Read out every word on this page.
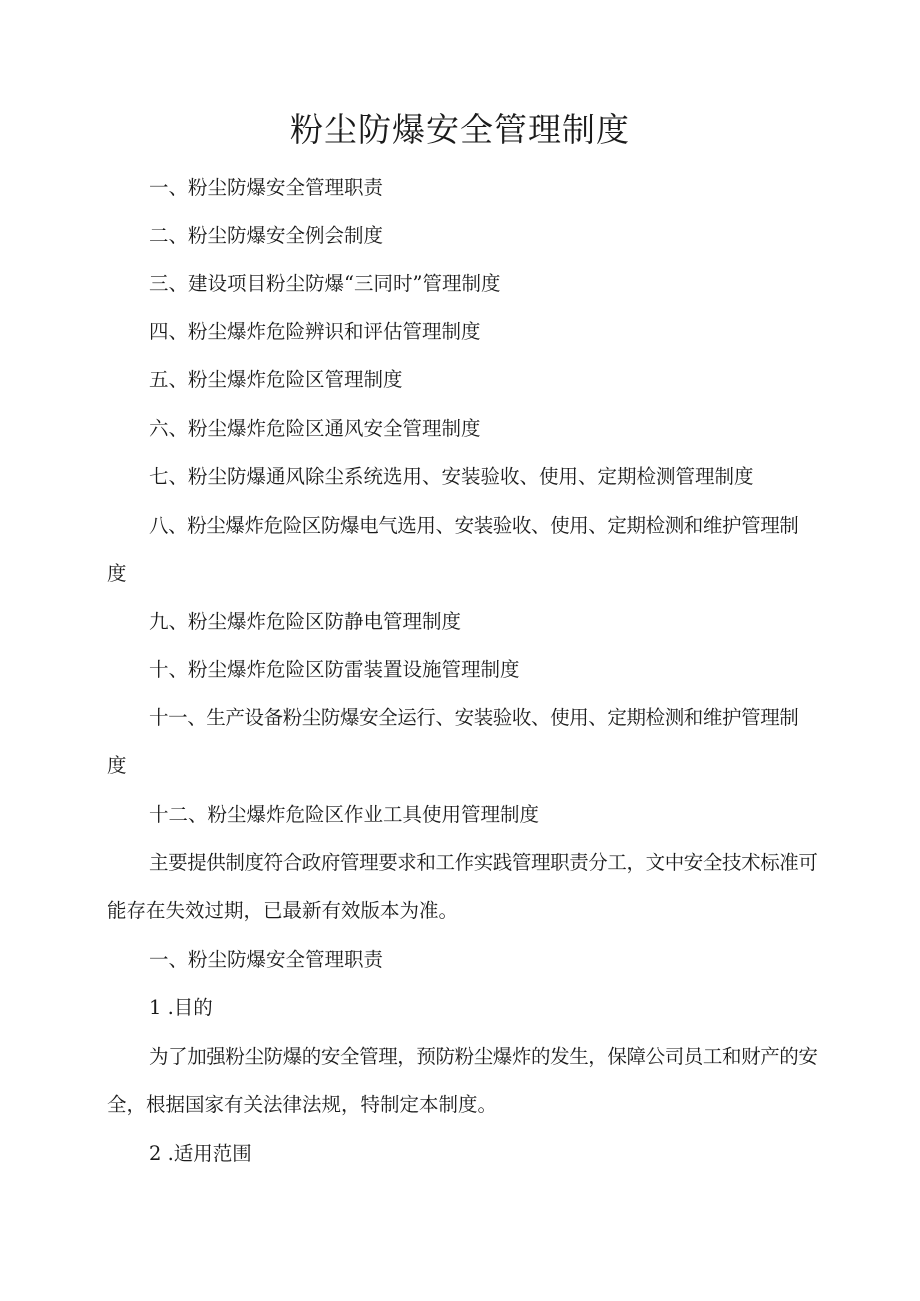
粉尘防爆安全管理制度

一、粉尘防爆安全管理职责

二、粉尘防爆安全例会制度

三、建设项目粉尘防爆“三同时”管理制度

四、粉尘爆炸危险辨识和评估管理制度

五、粉尘爆炸危险区管理制度

六、粉尘爆炸危险区通风安全管理制度

七、粉尘防爆通风除尘系统选用、安装验收、使用、定期检测管理制度

八、粉尘爆炸危险区防爆电气选用、安装验收、使用、定期检测和维护管理制

度

九、粉尘爆炸危险区防静电管理制度

十、粉尘爆炸危险区防雷装置设施管理制度

十一、生产设备粉尘防爆安全运行、安装验收、使用、定期检测和维护管理制

度

十二、粉尘爆炸危险区作业工具使用管理制度

主要提供制度符合政府管理要求和工作实践管理职责分工，文中安全技术标准可

能存在失效过期，已最新有效版本为准。

一、粉尘防爆安全管理职责

1 .目的

为了加强粉尘防爆的安全管理，预防粉尘爆炸的发生，保障公司员工和财产的安

全，根据国家有关法律法规，特制定本制度。

2 .适用范围
